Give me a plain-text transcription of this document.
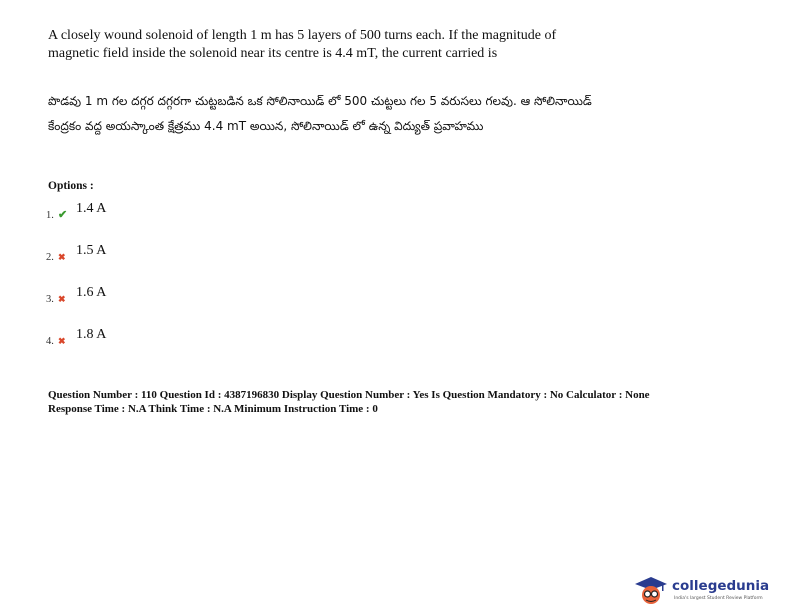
A closely wound solenoid of length 1 m has 5 layers of 500 turns each. If the magnitude of magnetic field inside the solenoid near its centre is 4.4 mT, the current carried is
పొడవు 1 m గల దగ్గర దగ్గరగా చుట్టబడిన ఒక సోలినాయిడ్ లో 500 చుట్టలు గల 5 వరుసలు గలవు. ఆ సోలినాయిడ్ కేంద్రకం వద్ద అయస్కాంత క్షేత్రము 4.4 mT అయిన, సోలినాయిడ్ లో ఉన్న విద్యుత్ ప్రవాహము
Options :
1. ✔ 1.4 A
2. ✖ 1.5 A
3. ✖ 1.6 A
4. ✖ 1.8 A
Question Number : 110 Question Id : 4387196830 Display Question Number : Yes Is Question Mandatory : No Calculator : None
Response Time : N.A Think Time : N.A Minimum Instruction Time : 0
collegedunia
India's largest Student Review Platform
